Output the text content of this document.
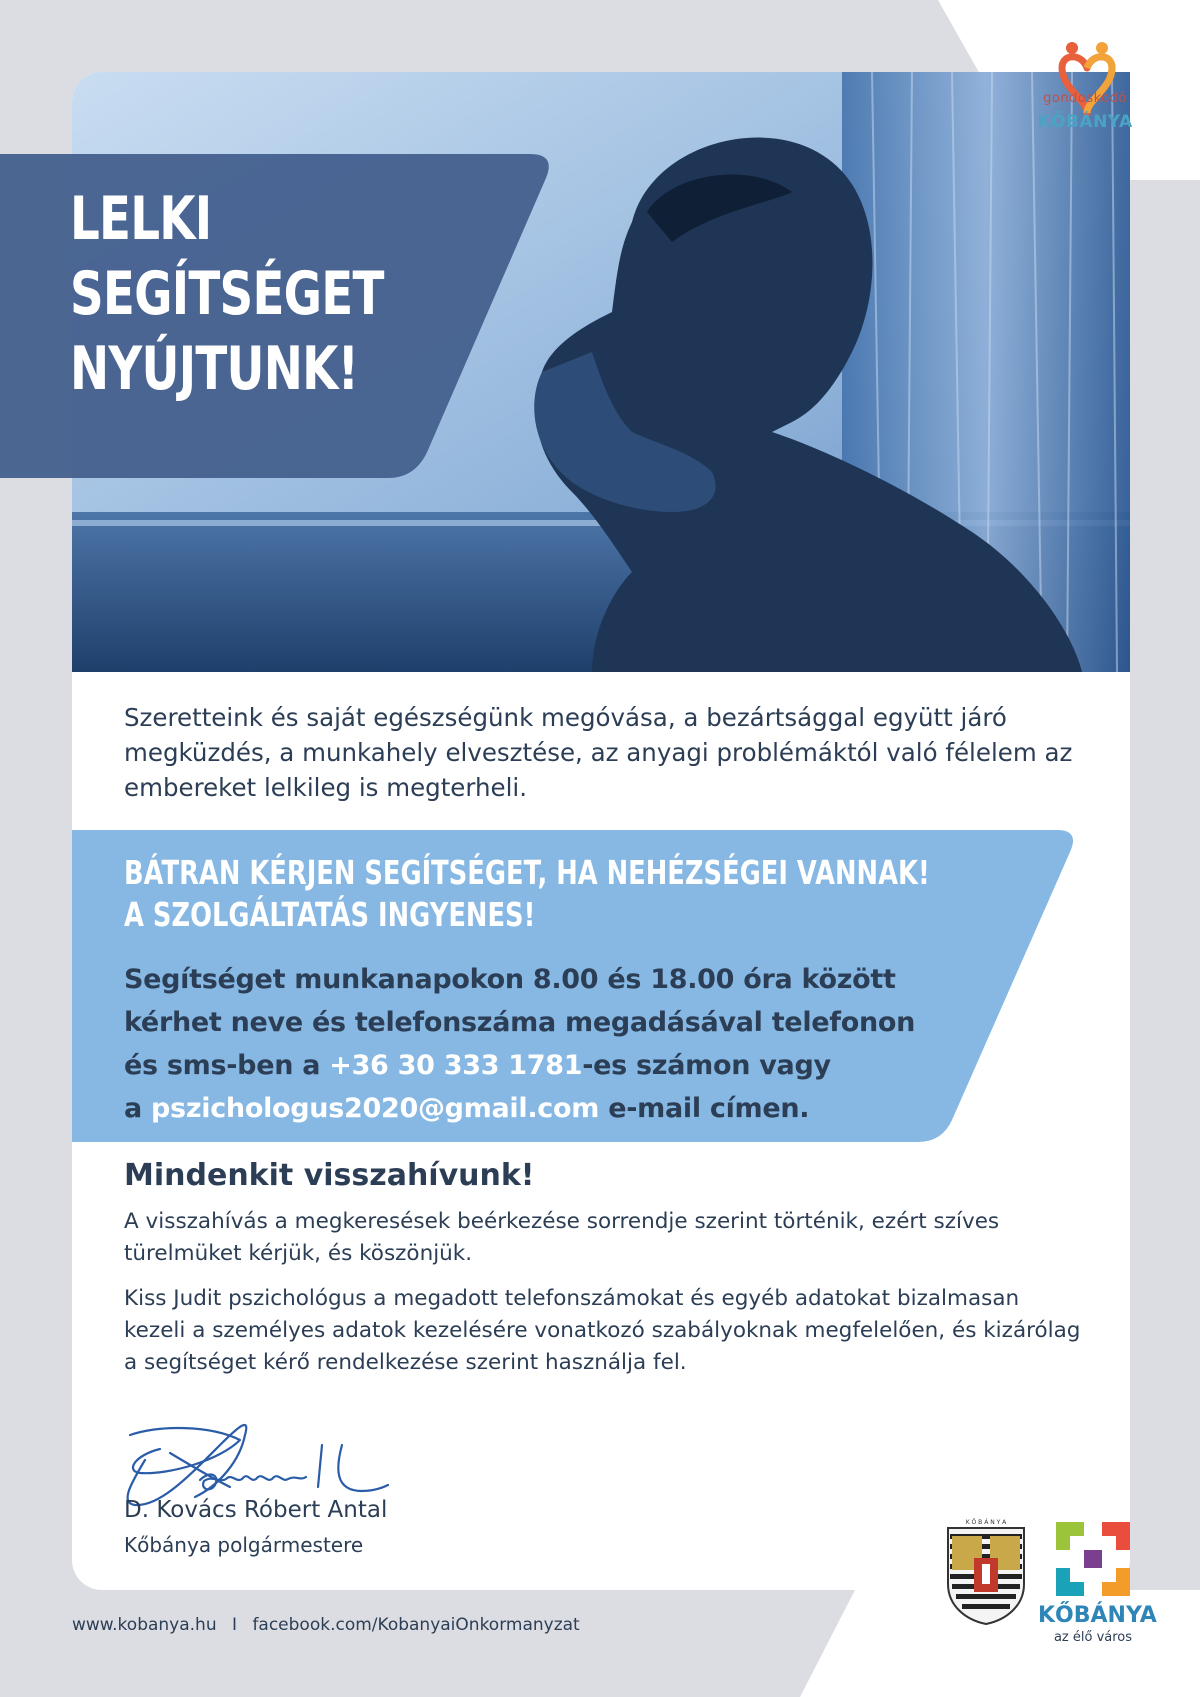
LELKI
SEGÍTSÉGET
NYÚJTUNK!
gondoskodó
KŐBÁNYA

Szeretteink és saját egészségünk megóvása, a bezártsággal együtt járó megküzdés, a munkahely elvesztése, az anyagi problémáktól való félelem az embereket lelkileg is megterheli.

BÁTRAN KÉRJEN SEGÍTSÉGET, HA NEHÉZSÉGEI VANNAK!
A SZOLGÁLTATÁS INGYENES!

Segítséget munkanapokon 8.00 és 18.00 óra között
kérhet neve és telefonszáma megadásával telefonon
és sms-ben a +36 30 333 1781-es számon vagy
a pszichologus2020@gmail.com e-mail címen.

Mindenkit visszahívunk!

A visszahívás a megkeresések beérkezése sorrendje szerint történik, ezért szíves türelmüket kérjük, és köszönjük.

Kiss Judit pszichológus a megadott telefonszámokat és egyéb adatokat bizalmasan kezeli a személyes adatok kezelésére vonatkozó szabályoknak megfelelően, és kizárólag a segítséget kérő rendelkezése szerint használja fel.

D. Kovács Róbert Antal
Kőbánya polgármestere
www.kobanya.hu I facebook.com/KobanyaiOnkormanyzat
K Ő B Á N Y A
KŐBÁNYA
az élő város
